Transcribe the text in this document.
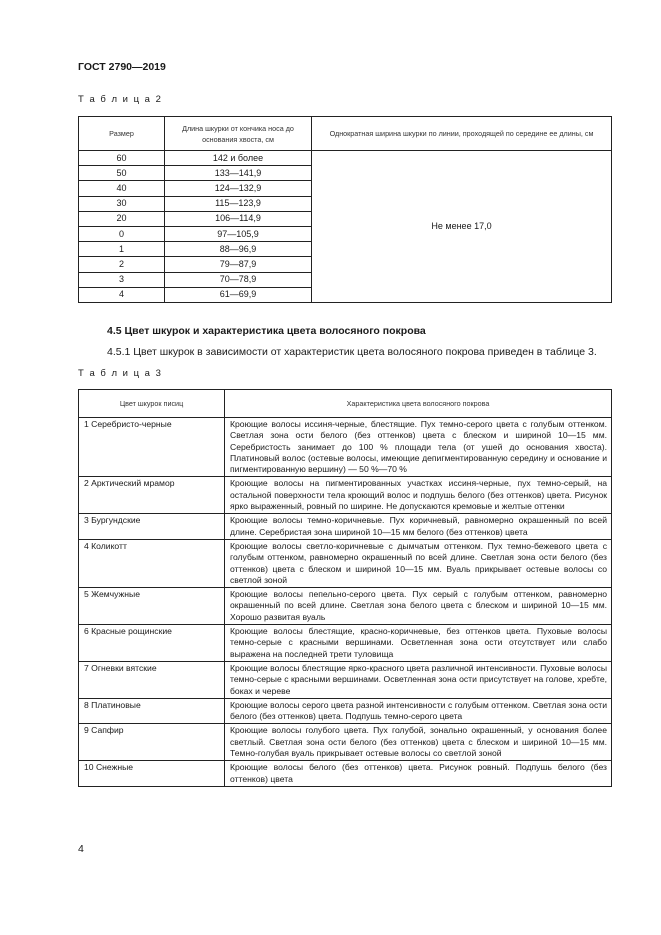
ГОСТ 2790—2019
Т а б л и ц а 2
Размер	Длина шкурки от кончика носа до основания хвоста, см	Однократная ширина шкурки по линии, проходящей по середине ее длины, см
60	142 и более	Не менее 17,0
50	133—141,9	
40	124—132,9	
30	115—123,9	
20	106—114,9	
0	97—105,9	
1	88—96,9	
2	79—87,9	
3	70—78,9	
4	61—69,9	
4.5 Цвет шкурок и характеристика цвета волосяного покрова
4.5.1 Цвет шкурок в зависимости от характеристик цвета волосяного покрова приведен в таблице 3.
Т а б л и ц а 3
Цвет шкурок писиц	Характеристика цвета волосяного покрова
1 Серебристо-черные	Кроющие волосы иссиня-черные, блестящие. Пух темно-серого цвета с голубым оттенком. Светлая зона ости белого (без оттенков) цвета с блеском и шириной 10—15 мм. Серебристость занимает до 100 % площади тела (от ушей до основания хвоста). Платиновый волос (остевые волосы, имеющие депигментированную середину и основание и пигментированную вершину) — 50 %—70 %
2 Арктический мрамор	Кроющие волосы на пигментированных участках иссиня-черные, пух темно-серый, на остальной поверхности тела кроющий волос и подпушь белого (без оттенков) цвета. Рисунок ярко выраженный, ровный по ширине. Не допускаются кремовые и желтые оттенки
3 Бургундские	Кроющие волосы темно-коричневые. Пух коричневый, равномерно окрашенный по всей длине. Серебристая зона шириной 10—15 мм белого (без оттенков) цвета
4 Коликотт	Кроющие волосы светло-коричневые с дымчатым оттенком. Пух темно-бежевого цвета с голубым оттенком, равномерно окрашенный по всей длине. Светлая зона ости белого (без оттенков) цвета с блеском и шириной 10—15 мм. Вуаль прикрывает остевые волосы со светлой зоной
5 Жемчужные	Кроющие волосы пепельно-серого цвета. Пух серый с голубым оттенком, равномерно окрашенный по всей длине. Светлая зона белого цвета с блеском и шириной 10—15 мм. Хорошо развитая вуаль
6 Красные рощинские	Кроющие волосы блестящие, красно-коричневые, без оттенков цвета. Пуховые волосы темно-серые с красными вершинами. Осветленная зона ости отсутствует или слабо выражена на последней трети туловища
7 Огневки вятские	Кроющие волосы блестящие ярко-красного цвета различной интенсивности. Пуховые волосы темно-серые с красными вершинами. Осветленная зона ости присутствует на голове, хребте, боках и череве
8 Платиновые	Кроющие волосы серого цвета разной интенсивности с голубым оттенком. Светлая зона ости белого (без оттенков) цвета. Подпушь темно-серого цвета
9 Сапфир	Кроющие волосы голубого цвета. Пух голубой, зонально окрашенный, у основания более светлый. Светлая зона ости белого (без оттенков) цвета с блеском и шириной 10—15 мм. Темно-голубая вуаль прикрывает остевые волосы со светлой зоной
10 Снежные	Кроющие волосы белого (без оттенков) цвета. Рисунок ровный. Подпушь белого (без оттенков) цвета
4
